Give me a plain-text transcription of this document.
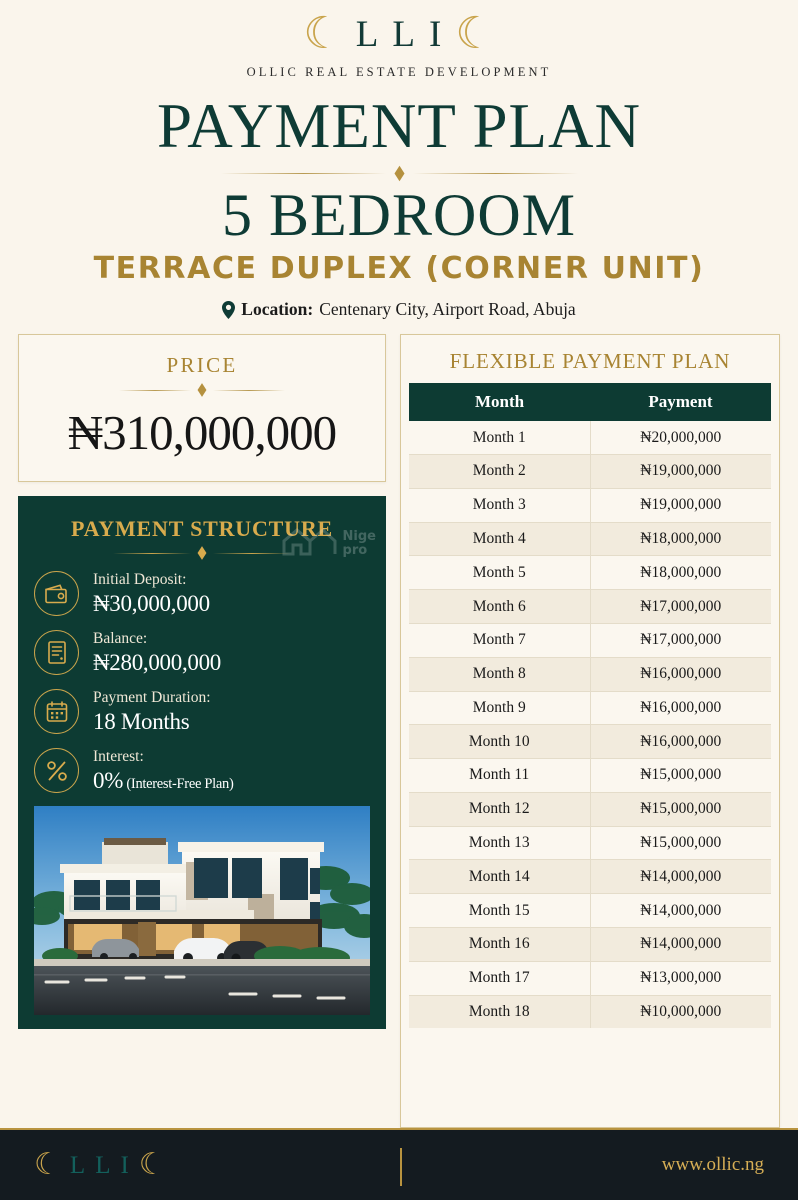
☾ L L I ☾
OLLIC REAL ESTATE DEVELOPMENT
PAYMENT PLAN
5 BEDROOM
TERRACE DUPLEX (CORNER UNIT)
Location: Centenary City, Airport Road, Abuja
PRICE
₦310,000,000
Nige
pro
PAYMENT STRUCTURE
Initial Deposit:
₦30,000,000
Balance:
₦280,000,000
Payment Duration:
18 Months
Interest:
0% (Interest-Free Plan)
FLEXIBLE PAYMENT PLAN
Month	Payment
Month 1	₦20,000,000
Month 2	₦19,000,000
Month 3	₦19,000,000
Month 4	₦18,000,000
Month 5	₦18,000,000
Month 6	₦17,000,000
Month 7	₦17,000,000
Month 8	₦16,000,000
Month 9	₦16,000,000
Month 10	₦16,000,000
Month 11	₦15,000,000
Month 12	₦15,000,000
Month 13	₦15,000,000
Month 14	₦14,000,000
Month 15	₦14,000,000
Month 16	₦14,000,000
Month 17	₦13,000,000
Month 18	₦10,000,000
☾ L L I ☾	www.ollic.ng
